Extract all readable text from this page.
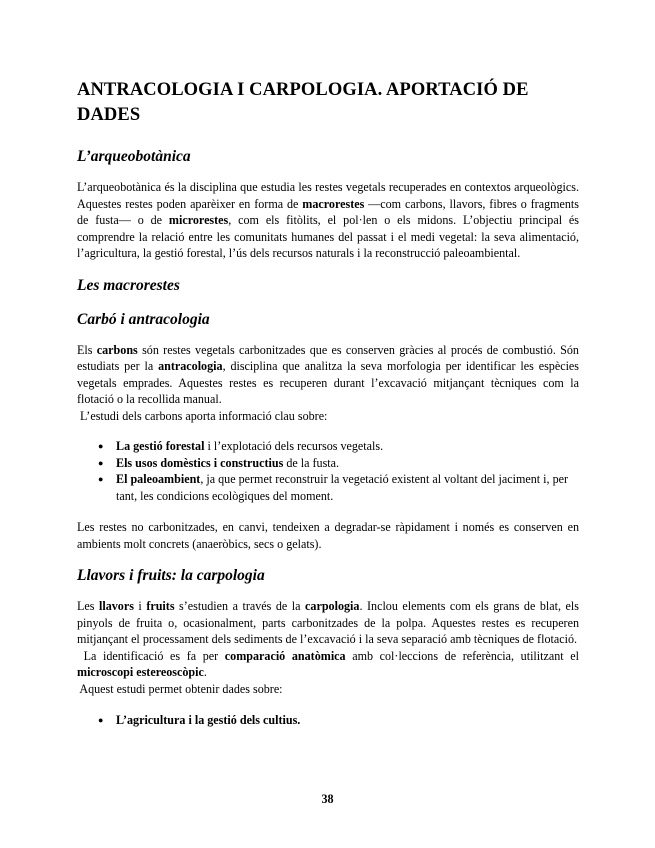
ANTRACOLOGIA I CARPOLOGIA. APORTACIÓ DE DADES
L’arqueobotànica

L’arqueobotànica és la disciplina que estudia les restes vegetals recuperades en contextos arqueològics. Aquestes restes poden aparèixer en forma de macrorestes —com carbons, llavors, fibres o fragments de fusta— o de microrestes, com els fitòlits, el pol·len o els midons. L’objectiu principal és comprendre la relació entre les comunitats humanes del passat i el medi vegetal: la seva alimentació, l’agricultura, la gestió forestal, l’ús dels recursos naturals i la reconstrucció paleoambiental.

Les macrorestes
Carbó i antracologia

Els carbons són restes vegetals carbonitzades que es conserven gràcies al procés de combustió. Són estudiats per la antracologia, disciplina que analitza la seva morfologia per identificar les espècies vegetals emprades. Aquestes restes es recuperen durant l’excavació mitjançant tècniques com la flotació o la recollida manual.

L’estudi dels carbons aporta informació clau sobre:

● La gestió forestal i l’explotació dels recursos vegetals.
● Els usos domèstics i constructius de la fusta.
● El paleoambient, ja que permet reconstruir la vegetació existent al voltant del jaciment i, per tant, les condicions ecològiques del moment.

Les restes no carbonitzades, en canvi, tendeixen a degradar-se ràpidament i només es conserven en ambients molt concrets (anaeròbics, secs o gelats).

Llavors i fruits: la carpologia

Les llavors i fruits s’estudien a través de la carpologia. Inclou elements com els grans de blat, els pinyols de fruita o, ocasionalment, parts carbonitzades de la polpa. Aquestes restes es recuperen mitjançant el processament dels sediments de l’excavació i la seva separació amb tècniques de flotació.

La identificació es fa per comparació anatòmica amb col·leccions de referència, utilitzant el microscopi estereoscòpic.

Aquest estudi permet obtenir dades sobre:

● L’agricultura i la gestió dels cultius.
38
